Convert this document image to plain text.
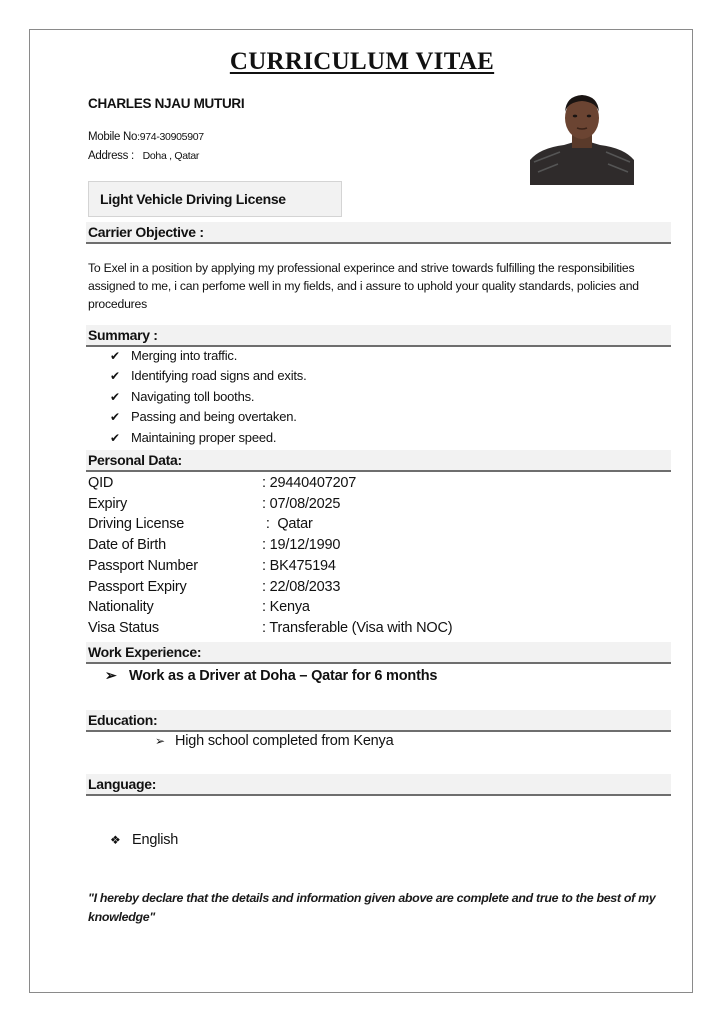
CURRICULUM VITAE
CHARLES NJAU MUTURI
Mobile No:974-30905907
Address : Doha , Qatar
Light Vehicle Driving License
Carrier Objective :
To Exel in a position by applying my professional experince and strive towards fulfilling the responsibilities assigned to me, i can perfome well in my fields, and i assure to uphold your quality standards, policies and procedures
Summary :
✔ Merging into traffic.
✔ Identifying road signs and exits.
✔ Navigating toll booths.
✔ Passing and being overtaken.
✔ Maintaining proper speed.
Personal Data:
QID	: 29440407207
Expiry	: 07/08/2025
Driving License	:  Qatar
Date of Birth	: 19/12/1990
Passport Number	: BK475194
Passport Expiry	: 22/08/2033
Nationality	: Kenya
Visa Status	: Transferable (Visa with NOC)
Work Experience:
➢ Work as a Driver at Doha – Qatar for 6 months
Education:
➢ High school completed from Kenya
Language:
❖ English
"I hereby declare that the details and information given above are complete and true to the best of my knowledge"
